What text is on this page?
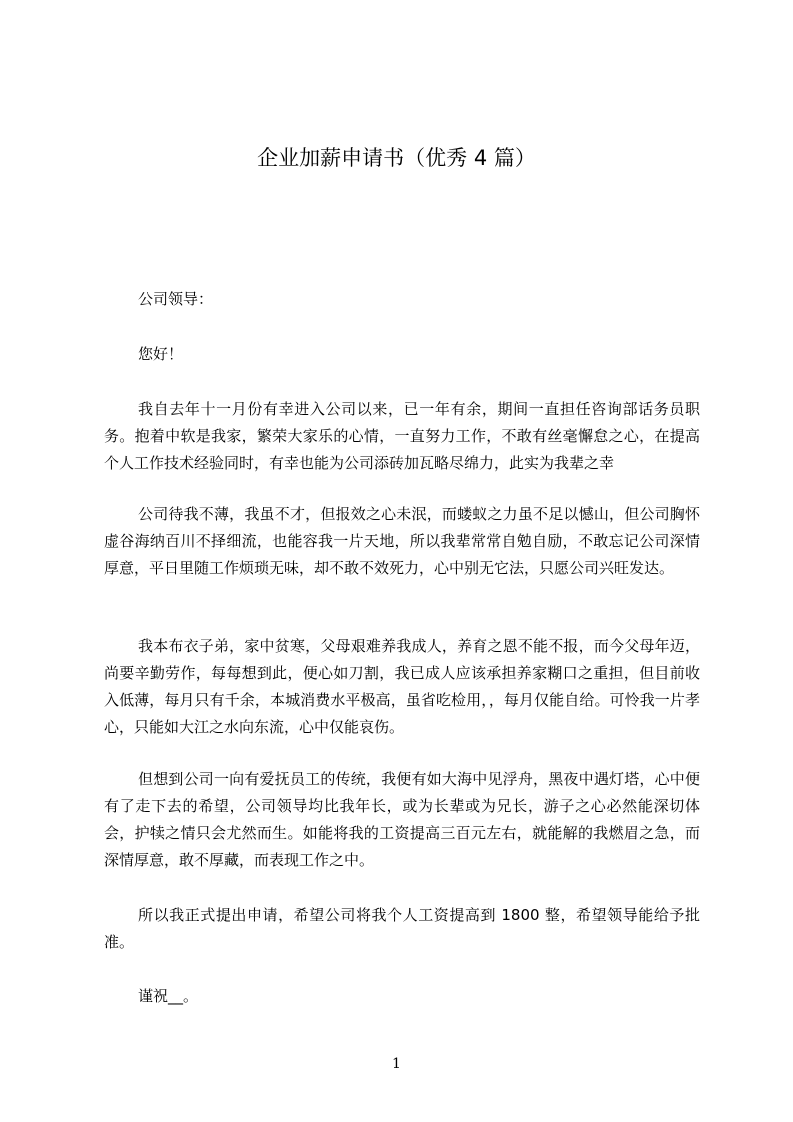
企业加薪申请书（优秀 4 篇）
公司领导：
您好！
我自去年十一月份有幸进入公司以来，已一年有余，期间一直担任咨询部话务员职务。抱着中软是我家，繁荣大家乐的心情，一直努力工作，不敢有丝毫懈怠之心，在提高个人工作技术经验同时，有幸也能为公司添砖加瓦略尽绵力，此实为我辈之幸
公司待我不薄，我虽不才，但报效之心未泯，而蝼蚁之力虽不足以憾山，但公司胸怀虚谷海纳百川不择细流，也能容我一片天地，所以我辈常常自勉自励，不敢忘记公司深情厚意，平日里随工作烦琐无味，却不敢不效死力，心中别无它法，只愿公司兴旺发达。
我本布衣子弟，家中贫寒，父母艰难养我成人，养育之恩不能不报，而今父母年迈，尚要辛勤劳作，每每想到此，便心如刀割，我已成人应该承担养家糊口之重担，但目前收入低薄，每月只有千余，本城消费水平极高，虽省吃检用，，每月仅能自给。可怜我一片孝心，只能如大江之水向东流，心中仅能哀伤。
但想到公司一向有爱抚员工的传统，我便有如大海中见浮舟，黑夜中遇灯塔，心中便有了走下去的希望，公司领导均比我年长，或为长辈或为兄长，游子之心必然能深切体会，护犊之情只会尤然而生。如能将我的工资提高三百元左右，就能解的我燃眉之急，而深情厚意，敢不厚藏，而表现工作之中。
所以我正式提出申请，希望公司将我个人工资提高到 1800 整，希望领导能给予批准。
谨祝__。
1
